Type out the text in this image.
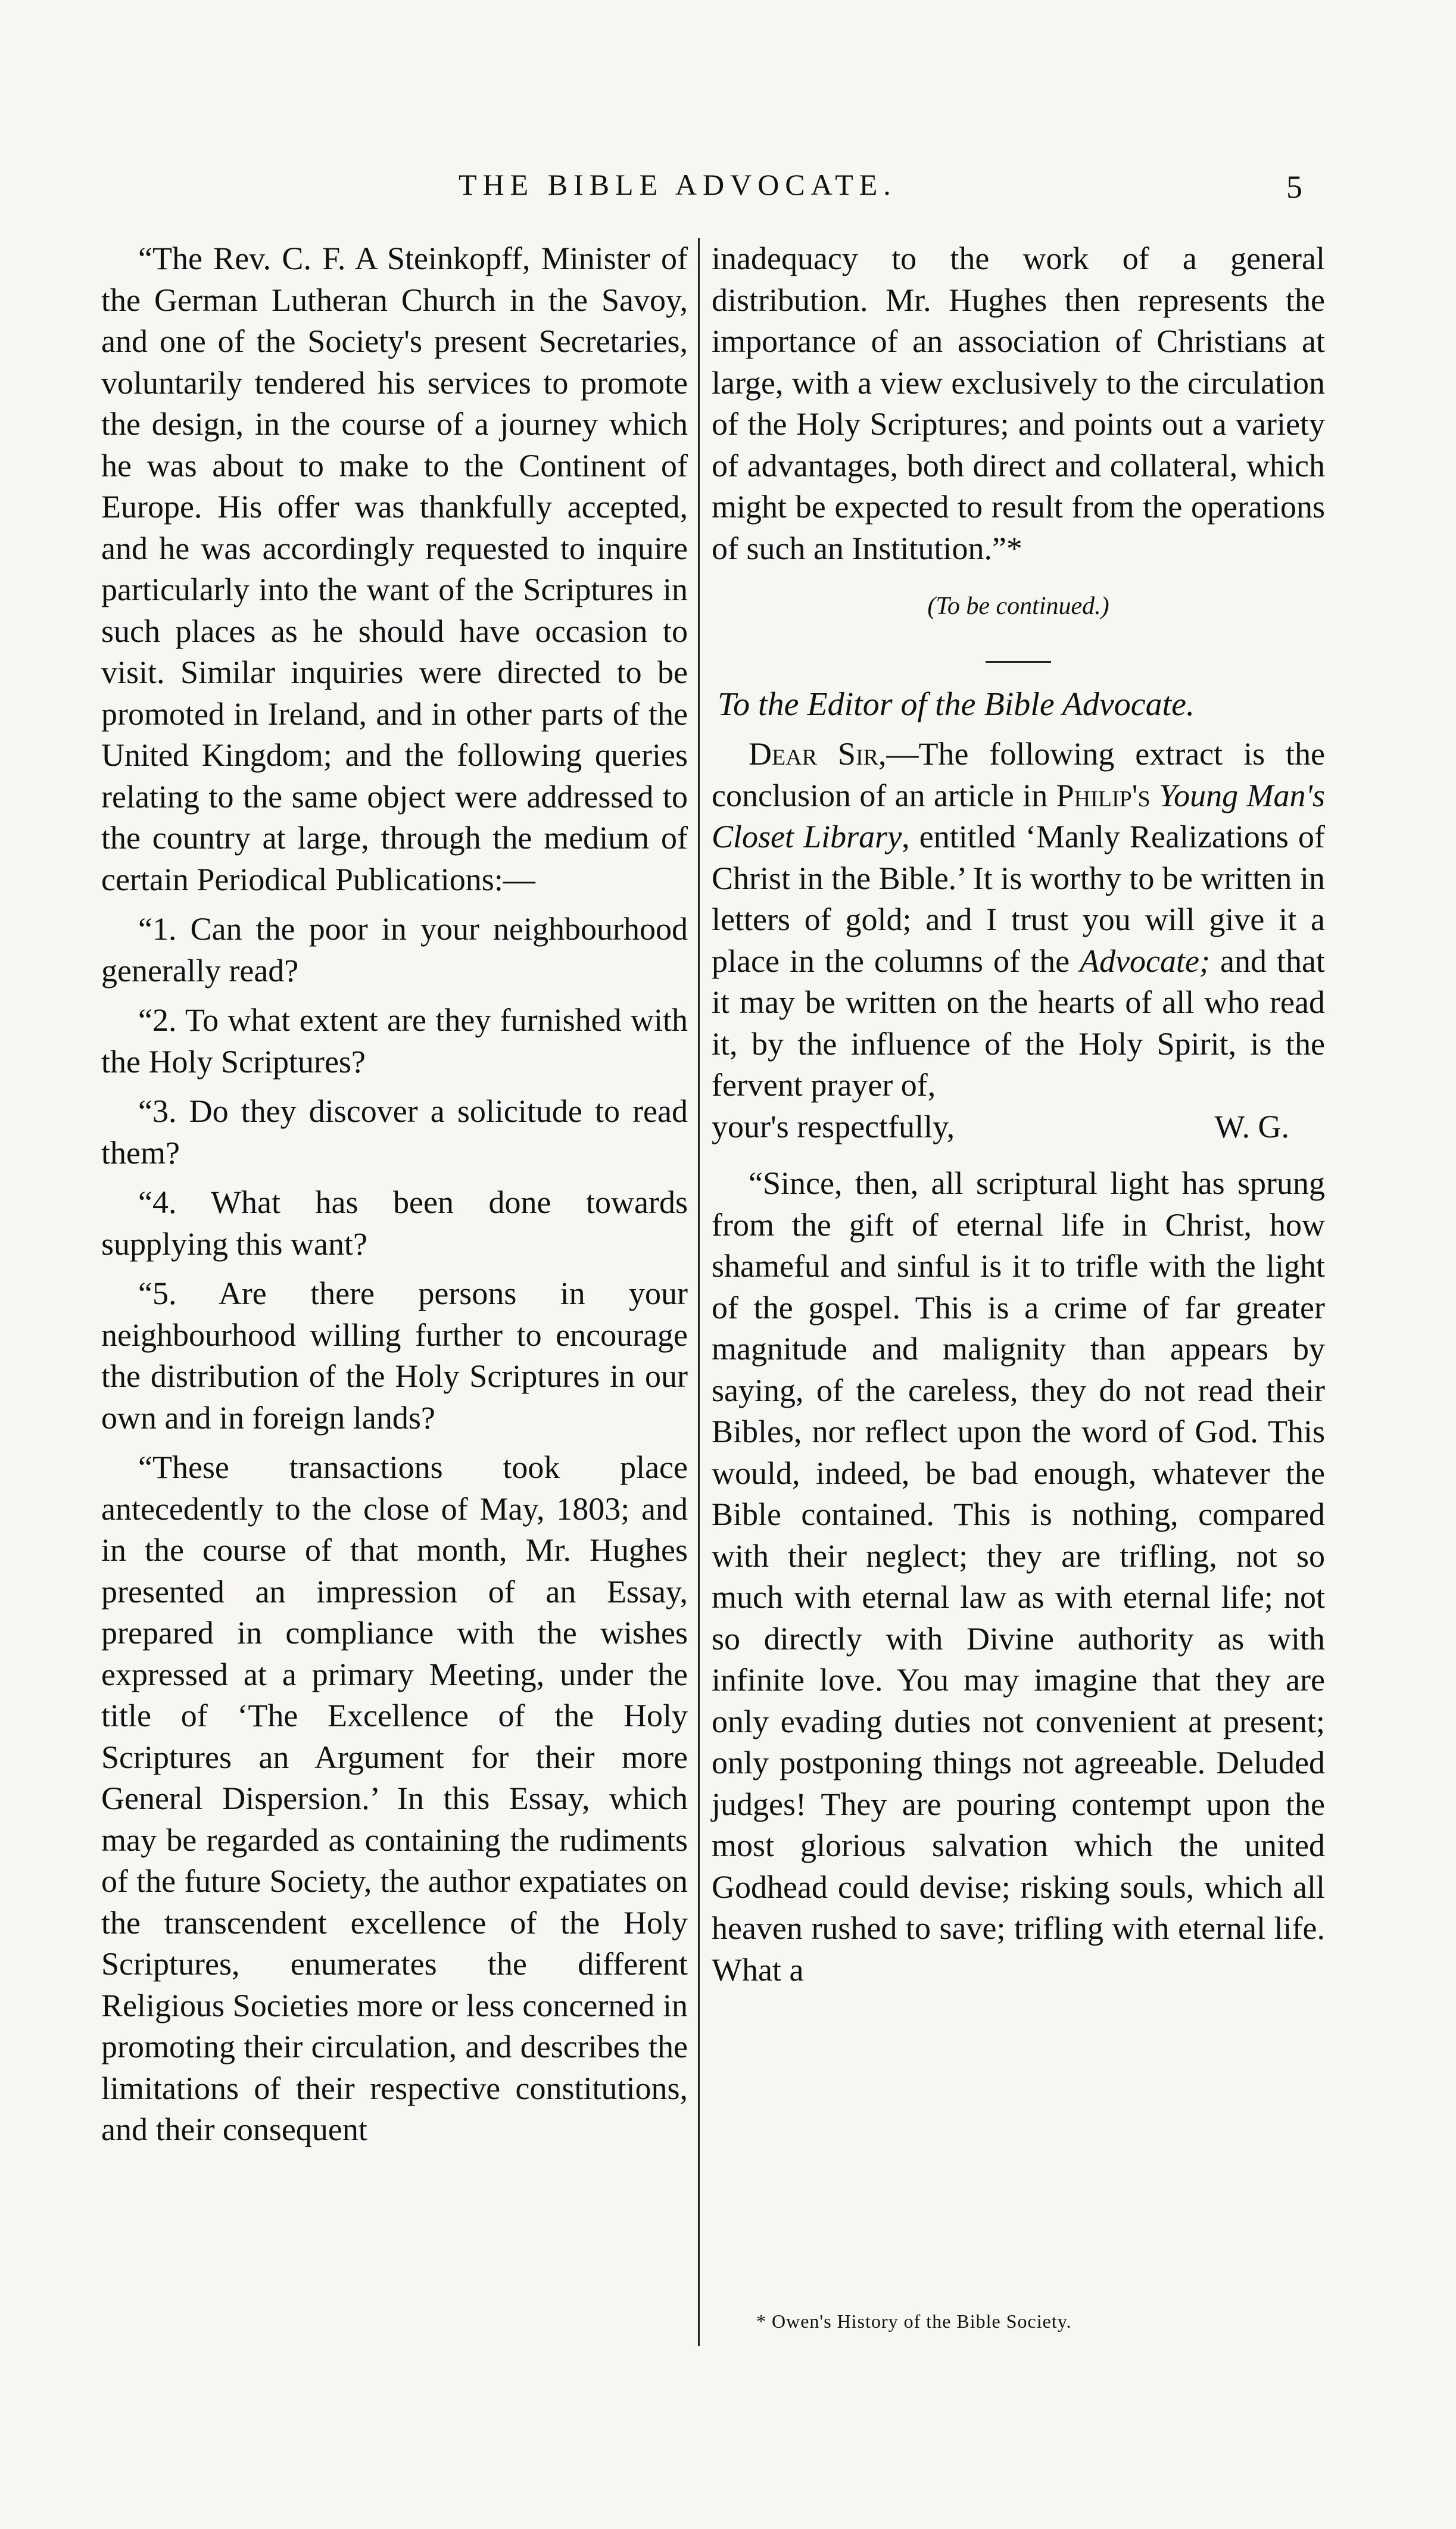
THE BIBLE ADVOCATE.	5

“The Rev. C. F. A Steinkopff, Minister of the German Lutheran Church in the Savoy, and one of the Society's present Secretaries, voluntarily tendered his services to promote the design, in the course of a journey which he was about to make to the Continent of Europe. His offer was thankfully accepted, and he was accordingly requested to inquire particularly into the want of the Scriptures in such places as he should have occasion to visit. Similar inquiries were directed to be promoted in Ireland, and in other parts of the United Kingdom; and the following queries relating to the same object were addressed to the country at large, through the medium of certain Periodical Publications:—

“1. Can the poor in your neighbourhood generally read?

“2. To what extent are they furnished with the Holy Scriptures?

“3. Do they discover a solicitude to read them?

“4. What has been done towards supplying this want?

“5. Are there persons in your neighbourhood willing further to encourage the distribution of the Holy Scriptures in our own and in foreign lands?

“These transactions took place antecedently to the close of May, 1803; and in the course of that month, Mr. Hughes presented an impression of an Essay, prepared in compliance with the wishes expressed at a primary Meeting, under the title of ‘The Excellence of the Holy Scriptures an Argument for their more General Dispersion.’ In this Essay, which may be regarded as containing the rudiments of the future Society, the author expatiates on the transcendent excellence of the Holy Scriptures, enumerates the different Religious Societies more or less concerned in promoting their circulation, and describes the limitations of their respective constitutions, and their consequent

inadequacy to the work of a general distribution. Mr. Hughes then represents the importance of an association of Christians at large, with a view exclusively to the circulation of the Holy Scriptures; and points out a variety of advantages, both direct and collateral, which might be expected to result from the operations of such an Institution.”*

(To be continued.)

To the Editor of the Bible Advocate.

Dear Sir,—The following extract is the conclusion of an article in Philip's Young Man's Closet Library, entitled ‘Manly Realizations of Christ in the Bible.’ It is worthy to be written in letters of gold; and I trust you will give it a place in the columns of the Advocate; and that it may be written on the hearts of all who read it, by the influence of the Holy Spirit, is the fervent prayer of,

your's respectfully,	W. G.

“Since, then, all scriptural light has sprung from the gift of eternal life in Christ, how shameful and sinful is it to trifle with the light of the gospel. This is a crime of far greater magnitude and malignity than appears by saying, of the careless, they do not read their Bibles, nor reflect upon the word of God. This would, indeed, be bad enough, whatever the Bible contained. This is nothing, compared with their neglect; they are trifling, not so much with eternal law as with eternal life; not so directly with Divine authority as with infinite love. You may imagine that they are only evading duties not convenient at present; only postponing things not agreeable. Deluded judges! They are pouring contempt upon the most glorious salvation which the united Godhead could devise; risking souls, which all heaven rushed to save; trifling with eternal life. What a

* Owen's History of the Bible Society.
